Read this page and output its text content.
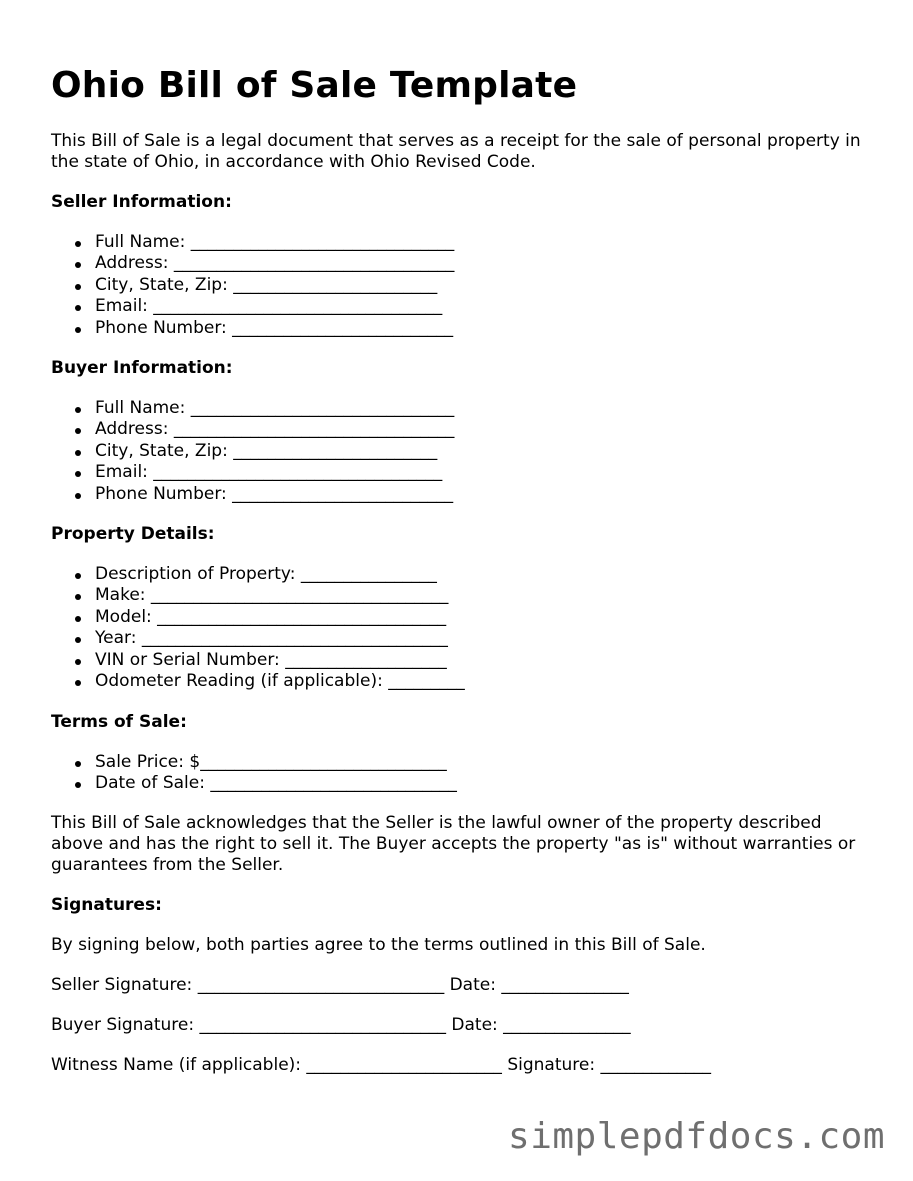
Ohio Bill of Sale Template

This Bill of Sale is a legal document that serves as a receipt for the sale of personal property in the state of Ohio, in accordance with Ohio Revised Code.

Seller Information:

Full Name: _______________________________
Address: _________________________________
City, State, Zip: ________________________
Email: __________________________________
Phone Number: __________________________

Buyer Information:

Full Name: _______________________________
Address: _________________________________
City, State, Zip: ________________________
Email: __________________________________
Phone Number: __________________________

Property Details:

Description of Property: ________________
Make: ___________________________________
Model: __________________________________
Year: ____________________________________
VIN or Serial Number: ___________________
Odometer Reading (if applicable): _________

Terms of Sale:

Sale Price: $_____________________________
Date of Sale: _____________________________

This Bill of Sale acknowledges that the Seller is the lawful owner of the property described above and has the right to sell it. The Buyer accepts the property "as is" without warranties or guarantees from the Seller.

Signatures:

By signing below, both parties agree to the terms outlined in this Bill of Sale.

Seller Signature: _____________________________ Date: _______________

Buyer Signature: _____________________________ Date: _______________

Witness Name (if applicable): _______________________ Signature: _____________

simplepdfdocs.com
